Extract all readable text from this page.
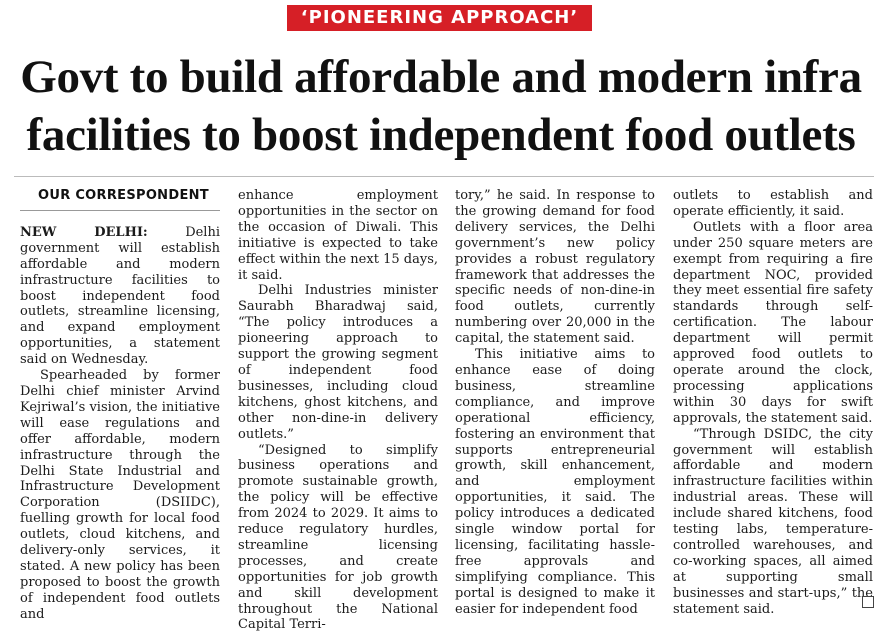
‘PIONEERING APPROACH’
Govt to build affordable and modern infra facilities to boost independent food outlets
OUR CORRESPONDENT

NEW DELHI: Delhi government will establish affordable and modern infrastructure facilities to boost independent food outlets, streamline licensing, and expand employment opportunities, a statement said on Wednesday.

Spearheaded by former Delhi chief minister Arvind Kejriwal’s vision, the initiative will ease regulations and offer affordable, modern infrastructure through the Delhi State Industrial and Infrastructure Development Corporation (DSIIDC), fuelling growth for local food outlets, cloud kitchens, and delivery-only services, it stated. A new policy has been proposed to boost the growth of independent food outlets and

enhance employment opportunities in the sector on the occasion of Diwali. This initiative is expected to take effect within the next 15 days, it said.

Delhi Industries minister Saurabh Bharadwaj said, “The policy introduces a pioneering approach to support the growing segment of independent food businesses, including cloud kitchens, ghost kitchens, and other non-dine-in delivery outlets.”

“Designed to simplify business operations and promote sustainable growth, the policy will be effective from 2024 to 2029. It aims to reduce regulatory hurdles, streamline licensing processes, and create opportunities for job growth and skill development throughout the National Capital Terri-

tory,” he said. In response to the growing demand for food delivery services, the Delhi government’s new policy provides a robust regulatory framework that addresses the specific needs of non-dine-in food outlets, currently numbering over 20,000 in the capital, the statement said.

This initiative aims to enhance ease of doing business, streamline compliance, and improve operational efficiency, fostering an environment that supports entrepreneurial growth, skill enhancement, and employment opportunities, it said. The policy introduces a dedicated single window portal for licensing, facilitating hassle-free approvals and simplifying compliance. This portal is designed to make it easier for independent food

outlets to establish and operate efficiently, it said.

Outlets with a floor area under 250 square meters are exempt from requiring a fire department NOC, provided they meet essential fire safety standards through self-certification. The labour department will permit approved food outlets to operate around the clock, processing applications within 30 days for swift approvals, the statement said.

“Through DSIDC, the city government will establish affordable and modern infrastructure facilities within industrial areas. These will include shared kitchens, food testing labs, temperature-controlled warehouses, and co-working spaces, all aimed at supporting small businesses and start-ups,” the statement said.
